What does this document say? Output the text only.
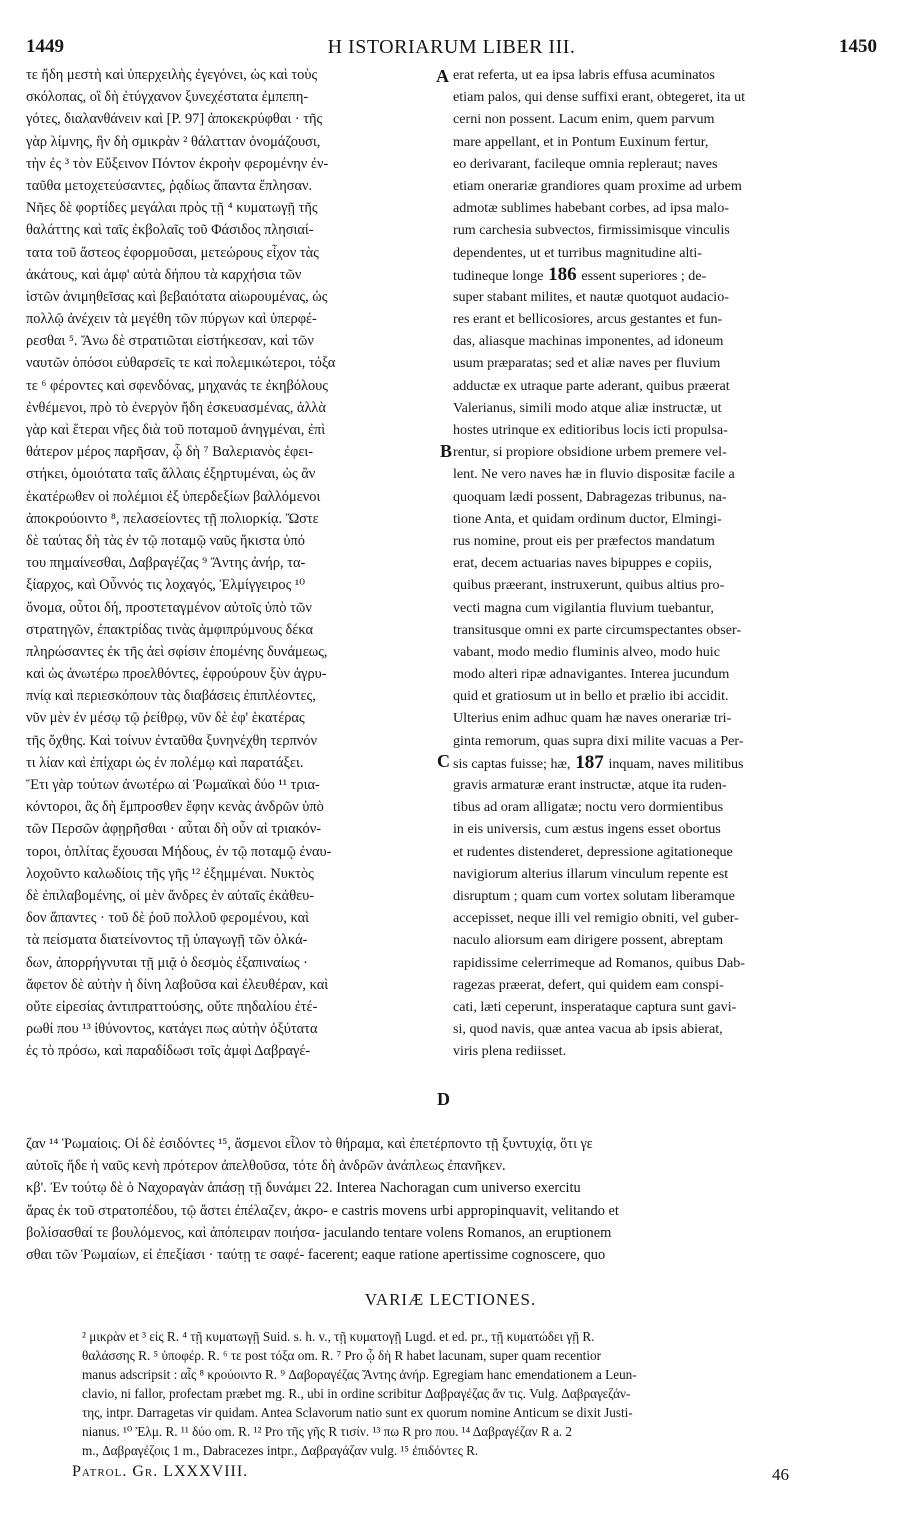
1449	H ISTORIARUM LIBER III.	1450
τε ἤδη μεστὴ καὶ ὑπερχειλὴς ἐγεγόνει, ὡς καὶ τοὺς
σκόλοπας, οἳ δὴ ἐτύγχανον ξυνεχέστατα ἐμπεπη-
γότες, διαλανθάνειν καὶ [P. 97] ἀποκεκρύφθαι · τῆς
γὰρ λίμνης, ἣν δὴ σμικρὰν ² θάλατταν ὀνομάζουσι,
τὴν ἐς ³ τὸν Εὔξεινον Πόντον ἐκροὴν φερομένην ἐν-
ταῦθα μετοχετεύσαντες, ῥᾳδίως ἅπαντα ἔπλησαν.
Νῆες δὲ φορτίδες μεγάλαι πρὸς τῇ ⁴ κυματωγῇ τῆς
θαλάττης καὶ ταῖς ἐκβολαῖς τοῦ Φάσιδος πλησιαί-
τατα τοῦ ἄστεος ἐφορμοῦσαι, μετεώρους εἶχον τὰς
ἀκάτους, καὶ ἀμφ' αὐτὰ δήπου τὰ καρχήσια τῶν
ἱστῶν ἀνιμηθεῖσας καὶ βεβαιότατα αἰωρουμένας, ὡς
πολλῷ ἀνέχειν τὰ μεγέθη τῶν πύργων καὶ ὑπερφέ-
ρεσθαι ⁵. Ἄνω δὲ στρατιῶται εἱστήκεσαν, καὶ τῶν
ναυτῶν ὁπόσοι εὐθαρσεῖς τε καὶ πολεμικώτεροι, τόξα
τε ⁶ φέροντες καὶ σφενδόνας, μηχανάς τε ἐκηβόλους
ἐνθέμενοι, πρὸ τὸ ἐνεργὸν ἤδη ἐσκευασμένας, ἀλλὰ
γὰρ καὶ ἕτεραι νῆες διὰ τοῦ ποταμοῦ ἀνηγμέναι, ἐπὶ
θάτερον μέρος παρῆσαν, ᾧ δὴ ⁷ Βαλεριανὸς ἐφει-
στήκει, ὁμοιότατα ταῖς ἄλλαις ἐξηρτυμέναι, ὡς ἂν
ἑκατέρωθεν οἱ πολέμιοι ἐξ ὑπερδεξίων βαλλόμενοι
ἀποκρούοιντο ⁸, πελασείοντες τῇ πολιορκίᾳ. Ὥστε
δὲ ταύτας δὴ τὰς ἐν τῷ ποταμῷ ναῦς ἥκιστα ὑπό
του πημαίνεσθαι, Δαβραγέζας ⁹ Ἄντης ἀνήρ, τα-
ξίαρχος, καὶ Οὖννός τις λοχαγός, Ἐλμίγγειρος ¹⁰
ὄνομα, οὗτοι δή, προστεταγμένον αὐτοῖς ὑπὸ τῶν
στρατηγῶν, ἐπακτρίδας τινὰς ἀμφιπρύμνους δέκα
πληρώσαντες ἐκ τῆς ἀεὶ σφίσιν ἑπομένης δυνάμεως,
καὶ ὡς ἀνωτέρω προελθόντες, ἐφρούρουν ξὺν ἀγρυ-
πνίᾳ καὶ περιεσκόπουν τὰς διαβάσεις ἐπιπλέοντες,
νῦν μὲν ἐν μέσῳ τῷ ῥείθρῳ, νῦν δὲ ἐφ' ἑκατέρας
τῆς ὄχθης. Καὶ τοίνυν ἐνταῦθα ξυνηνέχθη τερπνόν
τι λίαν καὶ ἐπίχαρι ὡς ἐν πολέμῳ καὶ παρατάξει.
Ἔτι γὰρ τούτων ἀνωτέρω αἱ Ῥωμαϊκαὶ δύο ¹¹ τρια-
κόντοροι, ἃς δὴ ἔμπροσθεν ἔφην κενὰς ἀνδρῶν ὑπὸ
τῶν Περσῶν ἀφῃρῆσθαι · αὗται δὴ οὖν αἱ τριακόν-
τοροι, ὁπλίτας ἔχουσαι Μήδους, ἐν τῷ ποταμῷ ἐναυ-
λοχοῦντο καλωδίοις τῆς γῆς ¹² ἐξημμέναι. Νυκτὸς
δὲ ἐπιλαβομένης, οἱ μὲν ἄνδρες ἐν αὐταῖς ἐκάθευ-
δον ἅπαντες · τοῦ δὲ ῥοῦ πολλοῦ φερομένου, καὶ
τὰ πείσματα διατείνοντος τῇ ὑπαγωγῇ τῶν ὁλκά-
δων, ἀπορρήγνυται τῇ μιᾷ ὁ δεσμὸς ἐξαπιναίως ·
ἄφετον δὲ αὐτὴν ἡ δίνη λαβοῦσα καὶ ἐλευθέραν, καὶ
οὔτε εἰρεσίας ἀντιπραττούσης, οὔτε πηδαλίου ἐτέ-
ρωθί που ¹³ ἰθύνοντος, κατάγει πως αὐτὴν ὀξύτατα
ἐς τὸ πρόσω, καὶ παραδίδωσι τοῖς ἀμφὶ Δαβραγέ-
erat referta, ut ea ipsa labris effusa acuminatos
etiam palos, qui dense suffixi erant, obtegeret, ita ut
cerni non possent. Lacum enim, quem parvum
mare appellant, et in Pontum Euxinum fertur,
eo derivarant, facileque omnia repleraut; naves
etiam onerariæ grandiores quam proxime ad urbem
admotæ sublimes habebant corbes, ad ipsa malo-
rum carchesia subvectos, firmissimisque vinculis
dependentes, ut et turribus magnitudine alti-
tudineque longe 186 essent superiores ; de-
super stabant milites, et nautæ quotquot audacio-
res erant et bellicosiores, arcus gestantes et fun-
das, aliasque machinas imponentes, ad idoneum
usum præparatas; sed et aliæ naves per fluvium
adductæ ex utraque parte aderant, quibus præerat
Valerianus, simili modo atque aliæ instructæ, ut
hostes utrinque ex editioribus locis icti propulsa-
rentur, si propiore obsidione urbem premere vel-
lent. Ne vero naves hæ in fluvio dispositæ facile a
quoquam lædi possent, Dabragezas tribunus, na-
tione Anta, et quidam ordinum ductor, Elmingi-
rus nomine, prout eis per præfectos mandatum
erat, decem actuarias naves bipuppes e copiis,
quibus præerant, instruxerunt, quibus altius pro-
vecti magna cum vigilantia fluvium tuebantur,
transitusque omni ex parte circumspectantes obser-
vabant, modo medio fluminis alveo, modo huic
modo alteri ripæ adnavigantes. Interea jucundum
quid et gratiosum ut in bello et prælio ibi accidit.
Ulterius enim adhuc quam hæ naves onerariæ tri-
ginta remorum, quas supra dixi milite vacuas a Per-
sis captas fuisse; hæ, 187 inquam, naves militibus
gravis armaturæ erant instructæ, atque ita ruden-
tibus ad oram alligatæ; noctu vero dormientibus
in eis universis, cum æstus ingens esset obortus
et rudentes distenderet, depressione agitationeque
navigiorum alterius illarum vinculum repente est
disruptum ; quam cum vortex solutam liberamque
accepisset, neque illi vel remigio obniti, vel guber-
naculo aliorsum eam dirigere possent, abreptam
rapidissime celerrimeque ad Romanos, quibus Dab-
ragezas præerat, defert, qui quidem eam conspi-
cati, læti ceperunt, insperataque captura sunt gavi-
si, quod navis, quæ antea vacua ab ipsis abierat,
viris plena rediisset.
A
B
C
D
ζαν ¹⁴ Ῥωμαίοις. Οἱ δὲ ἐσιδόντες ¹⁵, ἄσμενοι εἷλον τὸ θήραμα, καὶ ἐπετέρποντο τῇ ξυντυχίᾳ, ὅτι γε
αὐτοῖς ἥδε ἡ ναῦς κενὴ πρότερον ἀπελθοῦσα, τότε δὴ ἀνδρῶν ἀνάπλεως ἐπανῆκεν.
κβ'. Ἐν τούτῳ δὲ ὁ Ναχοραγὰν ἁπάσῃ τῇ δυνάμει 22. Interea Nachoragan cum universo exercitu
ἄρας ἐκ τοῦ στρατοπέδου, τῷ ἄστει ἐπέλαζεν, ἀκρο- e castris movens urbi appropinquavit, velitando et
βολίσασθαί τε βουλόμενος, καὶ ἀπόπειραν ποιήσα- jaculando tentare volens Romanos, an eruptionem
σθαι τῶν Ῥωμαίων, εἰ ἐπεξίασι · ταύτῃ τε σαφέ- facerent; eaque ratione apertissime cognoscere, quo
VARIÆ LECTIONES.
² μικρὰν et ³ εἰς R. ⁴ τῇ κυματωγῇ Suid. s. h. v., τῇ κυματογῇ Lugd. et ed. pr., τῇ κυματώδει γῇ R.
θαλάσσης R. ⁵ ὑποφέρ. R. ⁶ τε post τόξα om. R. ⁷ Pro ᾧ δὴ R habet lacunam, super quam recentior
manus adscripsit : αἷς ⁸ κρούοιντο R. ⁹ Δαβοραγέζας Ἄντης ἀνήρ. Egregiam hanc emendationem a Leun-
clavio, ni fallor, profectam præbet mg. R., ubi in ordine scribitur Δαβραγέζας ἄν τις. Vulg. Δαβραγεζάν-
της, intpr. Darragetas vir quidam. Antea Sclavorum natio sunt ex quorum nomine Anticum se dixit Justi-
nianus. ¹⁰ Ἐλμ. R. ¹¹ δύο om. R. ¹² Pro τῆς γῆς R τισίν. ¹³ πω R pro που. ¹⁴ Δαβραγέζαν R a. 2
m., Δαβραγέζοις 1 m., Dabracezes intpr., Δαβραγάζαν vulg. ¹⁵ ἐπιδόντες R.
Patrol. Gr. LXXXVIII.	46
